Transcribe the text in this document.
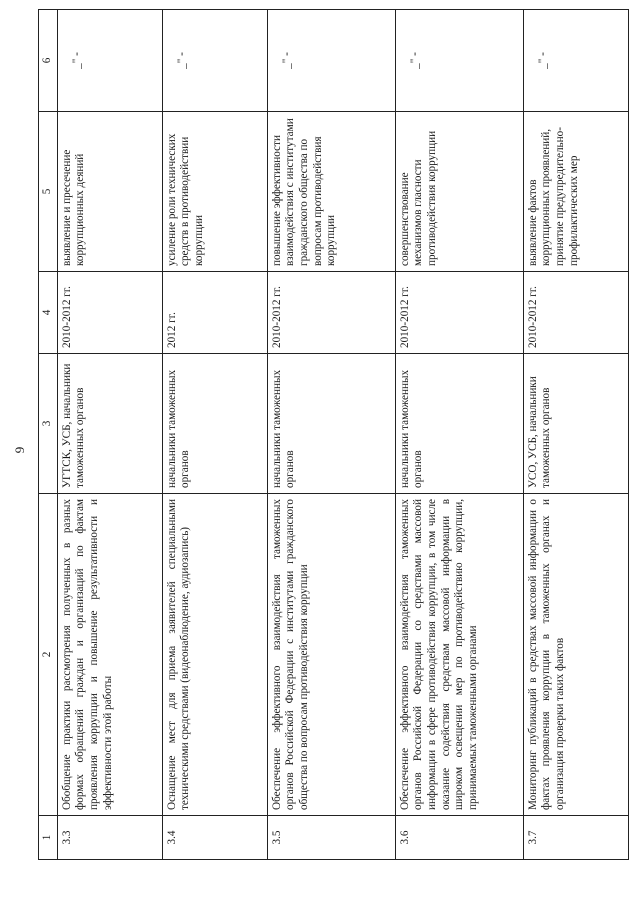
9
1	2	3	4	5	6
3.3	Обобщение практики рассмотрения полученных в разных формах обращений граждан и организаций по фактам проявления коррупции и повышение результативности и эффективности этой работы	УГТСК, УСБ, начальники таможенных органов	2010-2012 гг.	выявление и пресечение коррупционных деяний	_" -
3.4	Оснащение мест для приема заявителей специальными техническими средствами (видеонаблюдение, аудиозапись)	начальники таможенных органов	2012 гг.	усиление роли технических средств в противодействии коррупции	_" -
3.5	Обеспечение эффективного взаимодействия таможенных органов Российской Федерации с институтами гражданского общества по вопросам противодействия коррупции	начальники таможенных органов	2010-2012 гг.	повышение эффективности взаимодействия с институтами гражданского общества по вопросам противодействия коррупции	_" -
3.6	Обеспечение эффективного взаимодействия таможенных органов Российской Федерации со средствами массовой информации в сфере противодействия коррупции, в том числе оказание содействия средствам массовой информации в широком освещении мер по противодействию коррупции, принимаемых таможенными органами	начальники таможенных органов	2010-2012 гг.	совершенствование механизмов гласности противодействия коррупции	_" -
3.7	Мониторинг публикаций в средствах массовой информации о фактах проявления коррупции в таможенных органах и организация проверки таких фактов	УСО, УСБ, начальники таможенных органов	2010-2012 гг.	выявление фактов коррупционных проявлений, принятие предупредительно-профилактических мер	_" -
